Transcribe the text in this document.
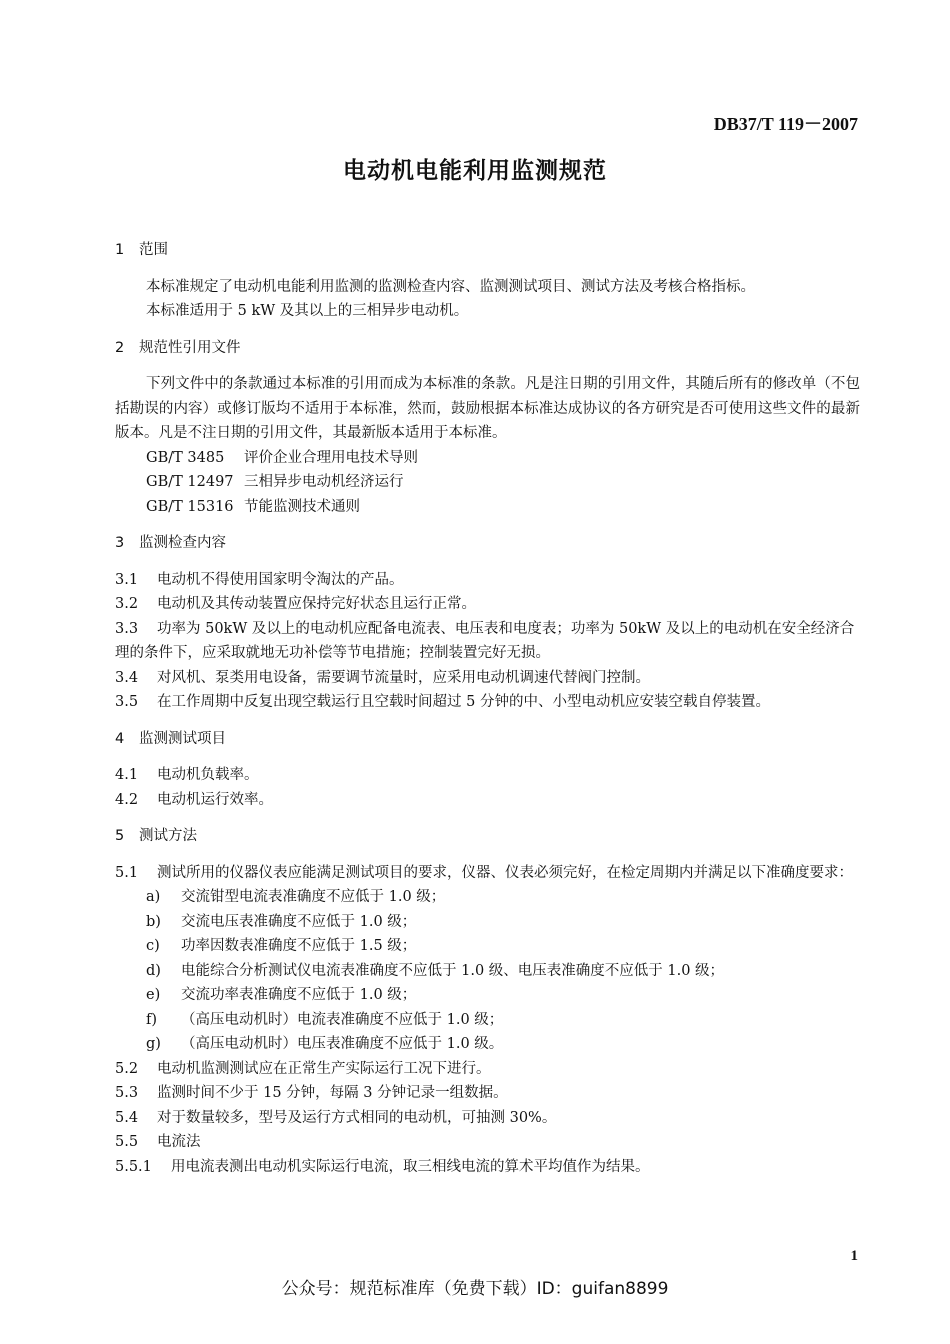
DB37/T 119－2007
电动机电能利用监测规范
1 范围

本标准规定了电动机电能利用监测的监测检查内容、监测测试项目、测试方法及考核合格指标。

本标准适用于 5 kW 及其以上的三相异步电动机。

2 规范性引用文件

下列文件中的条款通过本标准的引用而成为本标准的条款。凡是注日期的引用文件，其随后所有的修改单（不包括勘误的内容）或修订版均不适用于本标准，然而，鼓励根据本标准达成协议的各方研究是否可使用这些文件的最新版本。凡是不注日期的引用文件，其最新版本适用于本标准。

GB/T 3485 评价企业合理用电技术导则
GB/T 12497 三相异步电动机经济运行
GB/T 15316 节能监测技术通则
3 监测检查内容

3.1 电动机不得使用国家明令淘汰的产品。

3.2 电动机及其传动装置应保持完好状态且运行正常。

3.3 功率为 50kW 及以上的电动机应配备电流表、电压表和电度表；功率为 50kW 及以上的电动机在安全经济合理的条件下，应采取就地无功补偿等节电措施；控制装置完好无损。

3.4 对风机、泵类用电设备，需要调节流量时，应采用电动机调速代替阀门控制。

3.5 在工作周期中反复出现空载运行且空载时间超过 5 分钟的中、小型电动机应安装空载自停装置。

4 监测测试项目

4.1 电动机负载率。

4.2 电动机运行效率。

5 测试方法

5.1 测试所用的仪器仪表应能满足测试项目的要求，仪器、仪表必须完好，在检定周期内并满足以下准确度要求：

a) 交流钳型电流表准确度不应低于 1.0 级；
b) 交流电压表准确度不应低于 1.0 级；
c) 功率因数表准确度不应低于 1.5 级；
d) 电能综合分析测试仪电流表准确度不应低于 1.0 级、电压表准确度不应低于 1.0 级；
e) 交流功率表准确度不应低于 1.0 级；
f) （高压电动机时）电流表准确度不应低于 1.0 级；
g) （高压电动机时）电压表准确度不应低于 1.0 级。

5.2 电动机监测测试应在正常生产实际运行工况下进行。

5.3 监测时间不少于 15 分钟，每隔 3 分钟记录一组数据。

5.4 对于数量较多，型号及运行方式相同的电动机，可抽测 30%。

5.5 电流法

5.5.1 用电流表测出电动机实际运行电流，取三相线电流的算术平均值作为结果。

1
公众号：规范标准库（免费下载）ID：guifan8899
